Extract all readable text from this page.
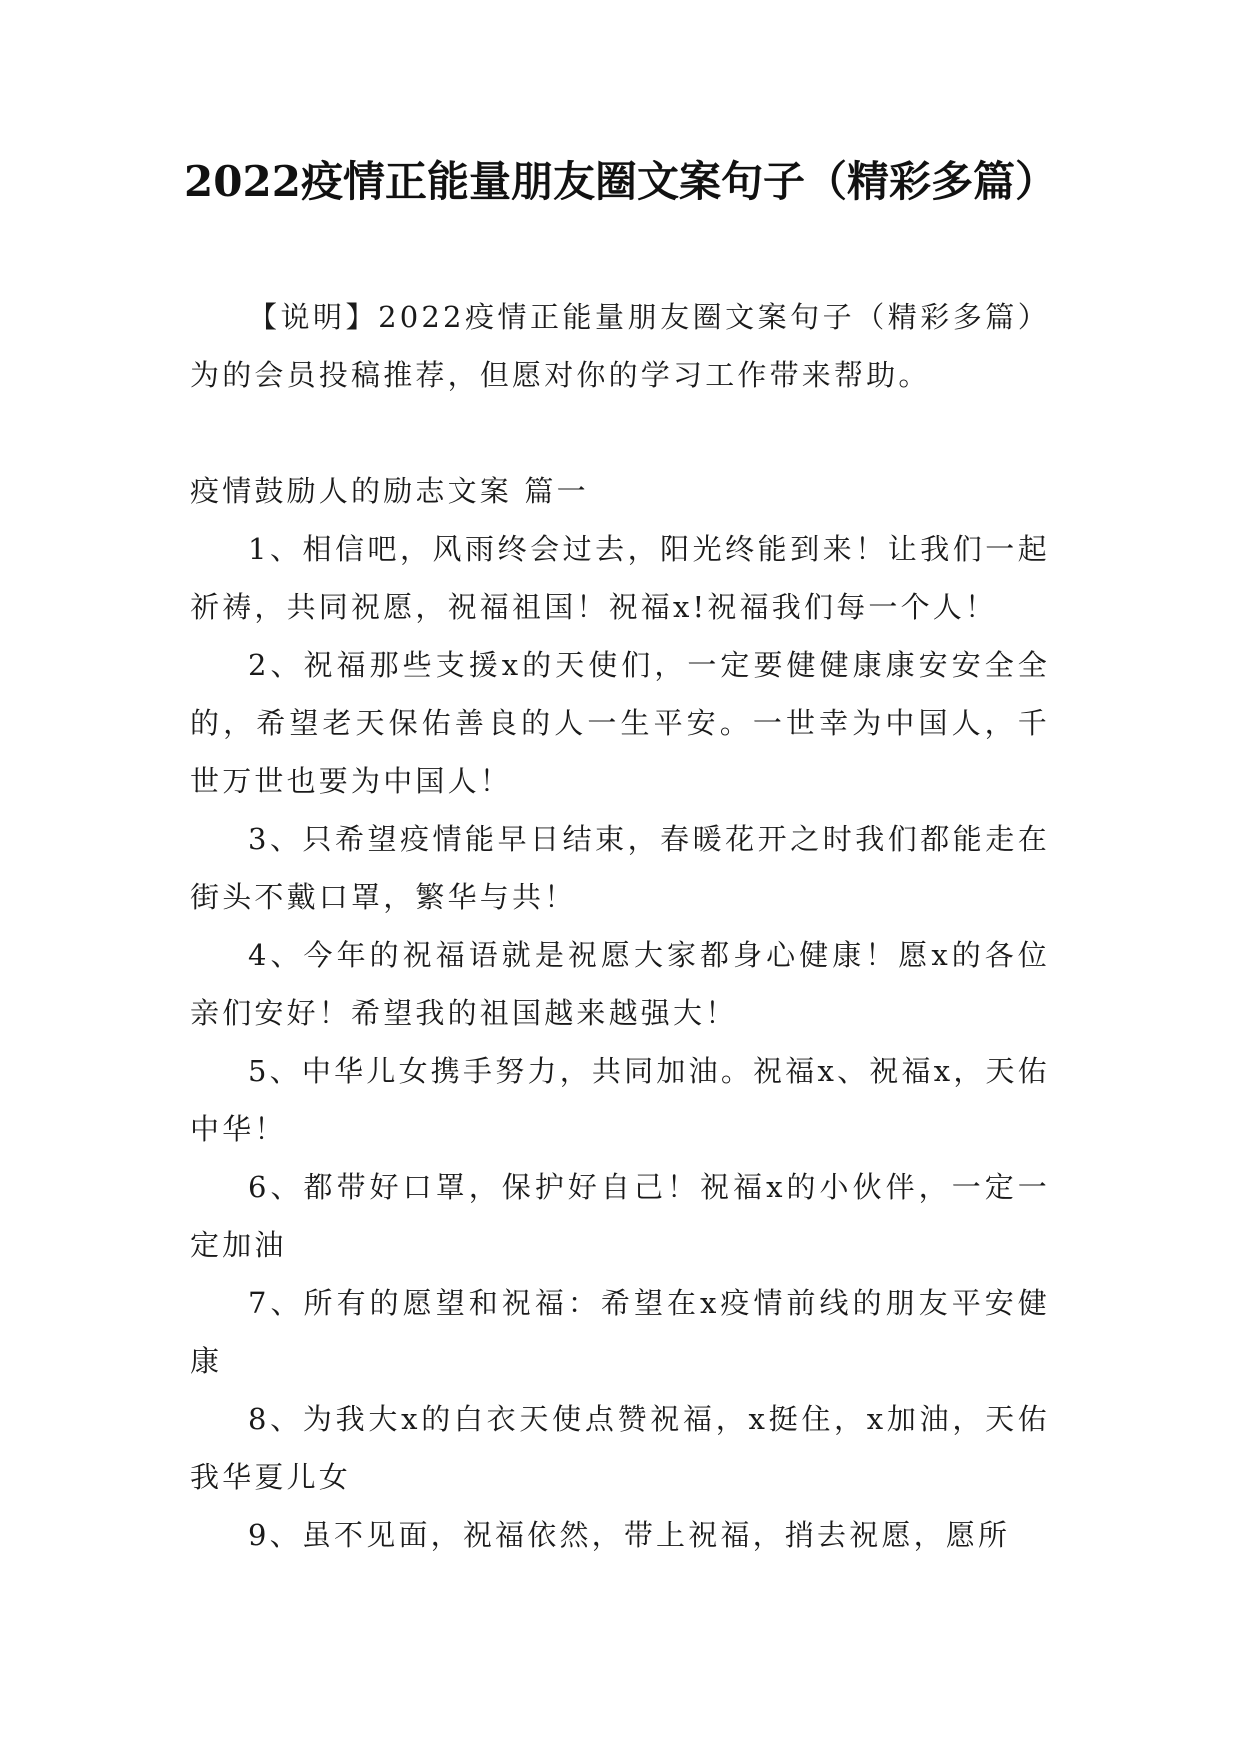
2022疫情正能量朋友圈文案句子（精彩多篇）

【说明】2022疫情正能量朋友圈文案句子（精彩多篇）为的会员投稿推荐，但愿对你的学习工作带来帮助。

疫情鼓励人的励志文案 篇一

1、相信吧，风雨终会过去，阳光终能到来！让我们一起祈祷，共同祝愿，祝福祖国！祝福x!祝福我们每一个人！

2、祝福那些支援x的天使们，一定要健健康康安安全全的，希望老天保佑善良的人一生平安。一世幸为中国人，千世万世也要为中国人！

3、只希望疫情能早日结束，春暖花开之时我们都能走在街头不戴口罩，繁华与共！

4、今年的祝福语就是祝愿大家都身心健康！愿x的各位亲们安好！希望我的祖国越来越强大！

5、中华儿女携手努力，共同加油。祝福x、祝福x，天佑中华！

6、都带好口罩，保护好自己！祝福x的小伙伴，一定一定加油

7、所有的愿望和祝福：希望在x疫情前线的朋友平安健康

8、为我大x的白衣天使点赞祝福，x挺住，x加油，天佑我华夏儿女

9、虽不见面，祝福依然，带上祝福，捎去祝愿，愿所
